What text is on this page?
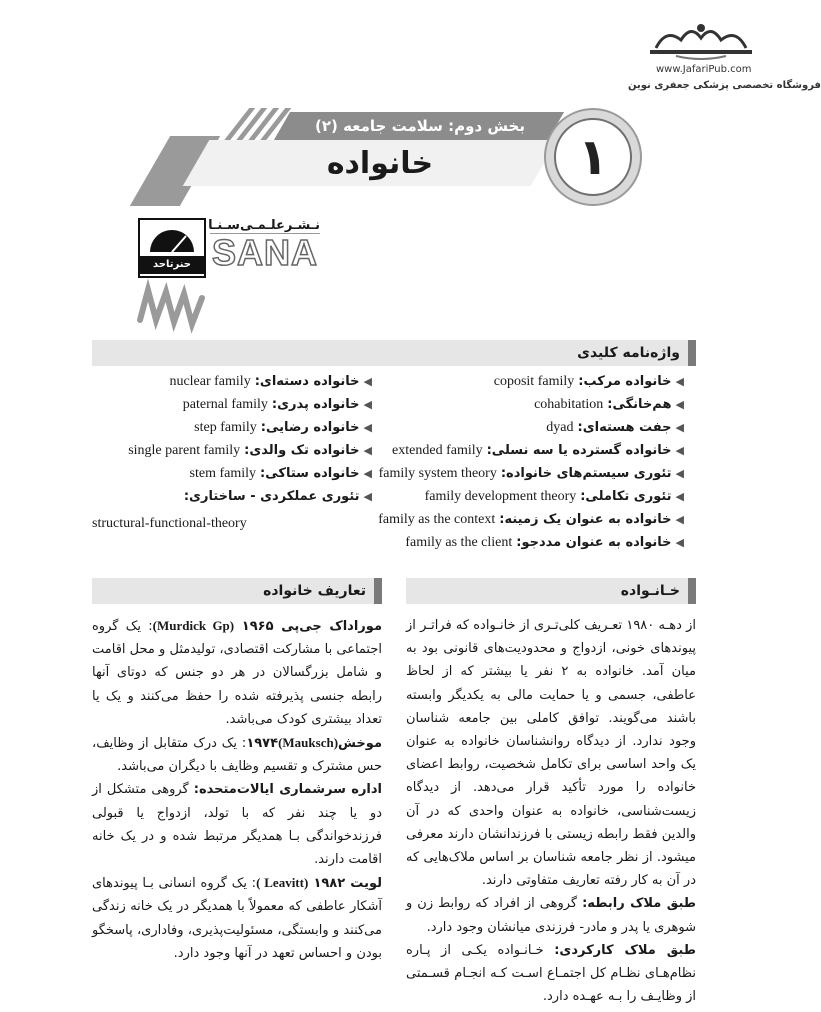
www.JafariPub.com
فروشگاه تخصصی پزشکی جعفری نوین
بخش دوم: سلامت جامعه (۲)
خانواده	۱
حنرتاحد
نـشـرعلـمـی‌سـنـا
SANA
واژه‌نامه کلیدی
◀خانواده مرکب:coposit family
◀هم‌خانگی:cohabitation
◀جفت هسته‌ای:dyad
◀خانواده گسترده یا سه نسلی:extended family
◀تئوری سیستم‌های خانواده:family system theory
◀تئوری تکاملی:family development theory
◀خانواده به عنوان یک زمینه:family as the context
◀خانواده به عنوان مددجو:family as the client
◀خانواده دسته‌ای:nuclear family
◀خانواده پدری:paternal family
◀خانواده رضایی:step family
◀خانواده تک والدی:single parent family
◀خانواده ستاکی:stem family
◀تئوری عملکردی - ساختاری:
structural-functional-theory
خـانـواده
تعاریف خانواده

از دهـه ۱۹۸۰ تعـریف کلی‌تـری از خانـواده که فراتـر از پیوندهای خونی، ازدواج و محدودیت‌های قانونی بود به میان آمد. خانواده به ۲ نفر یا بیشتر که از لحاظ عاطفی، جسمی و یا حمایت مالی به یکدیگر وابسته باشند می‌گویند. توافق کاملی بین جامعه شناسان وجود ندارد. از دیدگاه روانشناسان خانواده به عنوان یک واحد اساسی برای تکامل شخصیت، روابط اعضای خانواده را مورد تأکید قرار می‌دهد. از دیدگاه زیست‌شناسی، خانواده به عنوان واحدی که در آن والدین فقط رابطه زیستی با فرزندانشان دارند معرفی میشود. از نظر جامعه شناسان بر اساس ملاک‌هایی که در آن به کار رفته تعاریف متفاوتی دارند.

طبق ملاک رابطه: گروهی از افراد که روابط زن و شوهری یا پدر و مادر- فرزندی میانشان وجود دارد.

طبق ملاک کارکردی: خـانـواده یکـی از پـاره نظام‌هـای نظـام کل اجتمـاع اسـت کـه انجـام قسـمتی از وظایـف را بـه عهـده دارد.

موراداک جی‌پی ۱۹۶۵ (Murdick Gp): یک گروه اجتماعی با مشارکت اقتصادی، تولیدمثل و محل اقامت و شامل بزرگسالان در هر دو جنس که دوتای آنها رابطه جنسی پذیرفته شده را حفظ می‌کنند و یک یا تعداد بیشتری کودک می‌باشد.

موخش(Mauksch)۱۹۷۴: یک درک متقابل از وظایف، حس مشترک و تقسیم وظایف با دیگران می‌باشد.

اداره سرشماری ایالات‌متحده: گروهی متشکل از دو یا چند نفر که با تولد، ازدواج یا قبولی فرزندخواندگی بـا همدیگر مرتبط شده و در یک خانه اقامت دارند.

لویت ۱۹۸۲ (Leavitt ): یک گروه انسانی بـا پیوندهای آشکار عاطفی که معمولاً با همدیگر در یک خانه زندگی می‌کنند و وابستگی، مسئولیت‌پذیری، وفاداری، پاسخگو بودن و احساس تعهد در آنها وجود دارد.
